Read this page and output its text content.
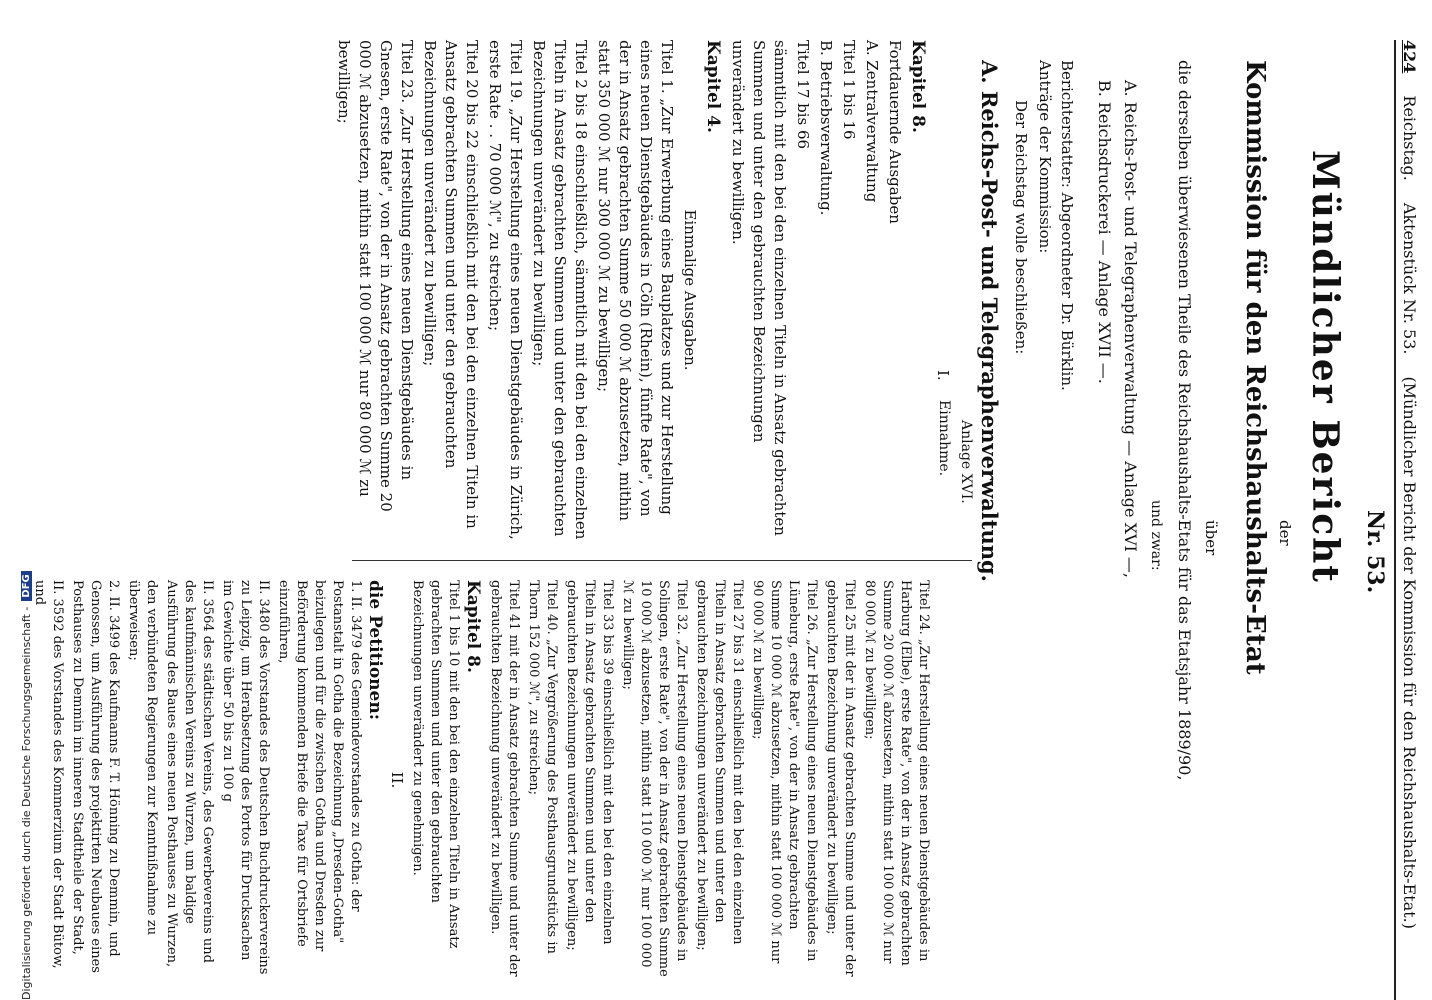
424
Reichstag.
Aktenstück Nr. 53.
(Mündlicher Bericht der Kommission für den Reichshaushalts-Etat.)
Nr. 53.
Mündlicher Bericht
der
Kommission für den Reichshaushalts-Etat
über
die derselben überwiesenen Theile des Reichshaushalts-Etats für das Etatsjahr 1889/90,
und zwar:
A. Reichs-Post- und Telegraphenverwaltung — Anlage XVI —,
B. Reichsdruckerei — Anlage XVII —.
Berichterstatter: Abgeordneter Dr. Bürklin.
Anträge der Kommission:
Der Reichstag wolle beschließen:
A. Reichs-Post- und Telegraphenverwaltung.
Anlage XVI.
I.
Einnahme.

Kapitel 8.

Fortdauernde Ausgaben

A. Zentralverwaltung

Titel 1 bis 16

B. Betriebsverwaltung.

Titel 17 bis 66

sämmtlich mit den bei den einzelnen Titeln in Ansatz gebrachten Summen und unter den gebrauchten Bezeichnungen unverändert zu bewilligen.

Kapitel 4.

Einmalige Ausgaben.

Titel 1. „Zur Erwerbung eines Bauplatzes und zur Herstellung eines neuen Dienstgebäudes in Cöln (Rhein), fünfte Rate", von der in Ansatz gebrachten Summe 50 000 ℳ abzusetzen, mithin statt 350 000 ℳ nur 300 000 ℳ zu bewilligen;

Titel 2 bis 18 einschließlich, sämmtlich mit den bei den einzelnen Titeln in Ansatz gebrachten Summen und unter den gebrauchten Bezeichnungen unverändert zu bewilligen;

Titel 19. „Zur Herstellung eines neuen Dienstgebäudes in Zürich, erste Rate . . 70 000 ℳ", zu streichen;

Titel 20 bis 22 einschließlich mit den bei den einzelnen Titeln in Ansatz gebrachten Summen und unter den gebrauchten Bezeichnungen unverändert zu bewilligen;

Titel 23. „Zur Herstellung eines neuen Dienstgebäudes in Gnesen, erste Rate", von der in Ansatz gebrachten Summe 20 000 ℳ abzusetzen, mithin statt 100 000 ℳ nur 80 000 ℳ zu bewilligen;

Titel 24. „Zur Herstellung eines neuen Dienstgebäudes in Harburg (Elbe), erste Rate", von der in Ansatz gebrachten Summe 20 000 ℳ abzusetzen, mithin statt 100 000 ℳ nur 80 000 ℳ zu bewilligen;

Titel 25 mit der in Ansatz gebrachten Summe und unter der gebrauchten Bezeichnung unverändert zu bewilligen;

Titel 26. „Zur Herstellung eines neuen Dienstgebäudes in Lüneburg, erste Rate", von der in Ansatz gebrachten Summe 10 000 ℳ abzusetzen, mithin statt 100 000 ℳ nur 90 000 ℳ zu bewilligen;

Titel 27 bis 31 einschließlich mit den bei den einzelnen Titeln in Ansatz gebrachten Summen und unter den gebrauchten Bezeichnungen unverändert zu bewilligen;

Titel 32. „Zur Herstellung eines neuen Dienstgebäudes in Solingen, erste Rate", von der in Ansatz gebrachten Summe 10 000 ℳ abzusetzen, mithin statt 110 000 ℳ nur 100 000 ℳ zu bewilligen;

Titel 33 bis 39 einschließlich mit den bei den einzelnen Titeln in Ansatz gebrachten Summen und unter den gebrauchten Bezeichnungen unverändert zu bewilligen;

Titel 40. „Zur Vergrößerung des Posthausgrundstücks in Thorn 152 000 ℳ", zu streichen;

Titel 41 mit der in Ansatz gebrachten Summe und unter der gebrauchten Bezeichnung unverändert zu bewilligen.

Kapitel 8.

Titel 1 bis 10 mit den bei den einzelnen Titeln in Ansatz gebrachten Summen und unter den gebrauchten Bezeichnungen unverändert zu genehmigen.

II.

die Petitionen:

1. II. 3479 des Gemeindevorstandes zu Gotha: der Postanstalt in Gotha die Bezeichnung „Dresden-Gotha" beizulegen und für die zwischen Gotha und Dresden zur Beförderung kommenden Briefe die Taxe für Ortsbriefe einzuführen,

II. 3480 des Vorstandes des Deutschen Buchdruckervereins zu Leipzig, um Herabsetzung des Portos für Drucksachen im Gewichte über 50 bis zu 100 g

II. 3564 des städtischen Vereins, des Gewerbevereins und des kaufmännischen Vereins zu Wurzen, um baldige Ausführung des Baues eines neuen Posthauses zu Wurzen,

den verbündeten Regierungen zur Kenntnißnahme zu überweisen;

2. II. 3499 des Kaufmanns F. T. Hönning zu Demmin, und Genossen, um Ausführung des projektirten Neubaues eines Posthauses zu Demmin im inneren Stadttheile der Stadt,

II. 3592 des Vorstandes des Kommerzium der Stadt Bütow, und

Digitalisierung gefördert durch die Deutsche Forschungsgemeinschaft -
DFG
